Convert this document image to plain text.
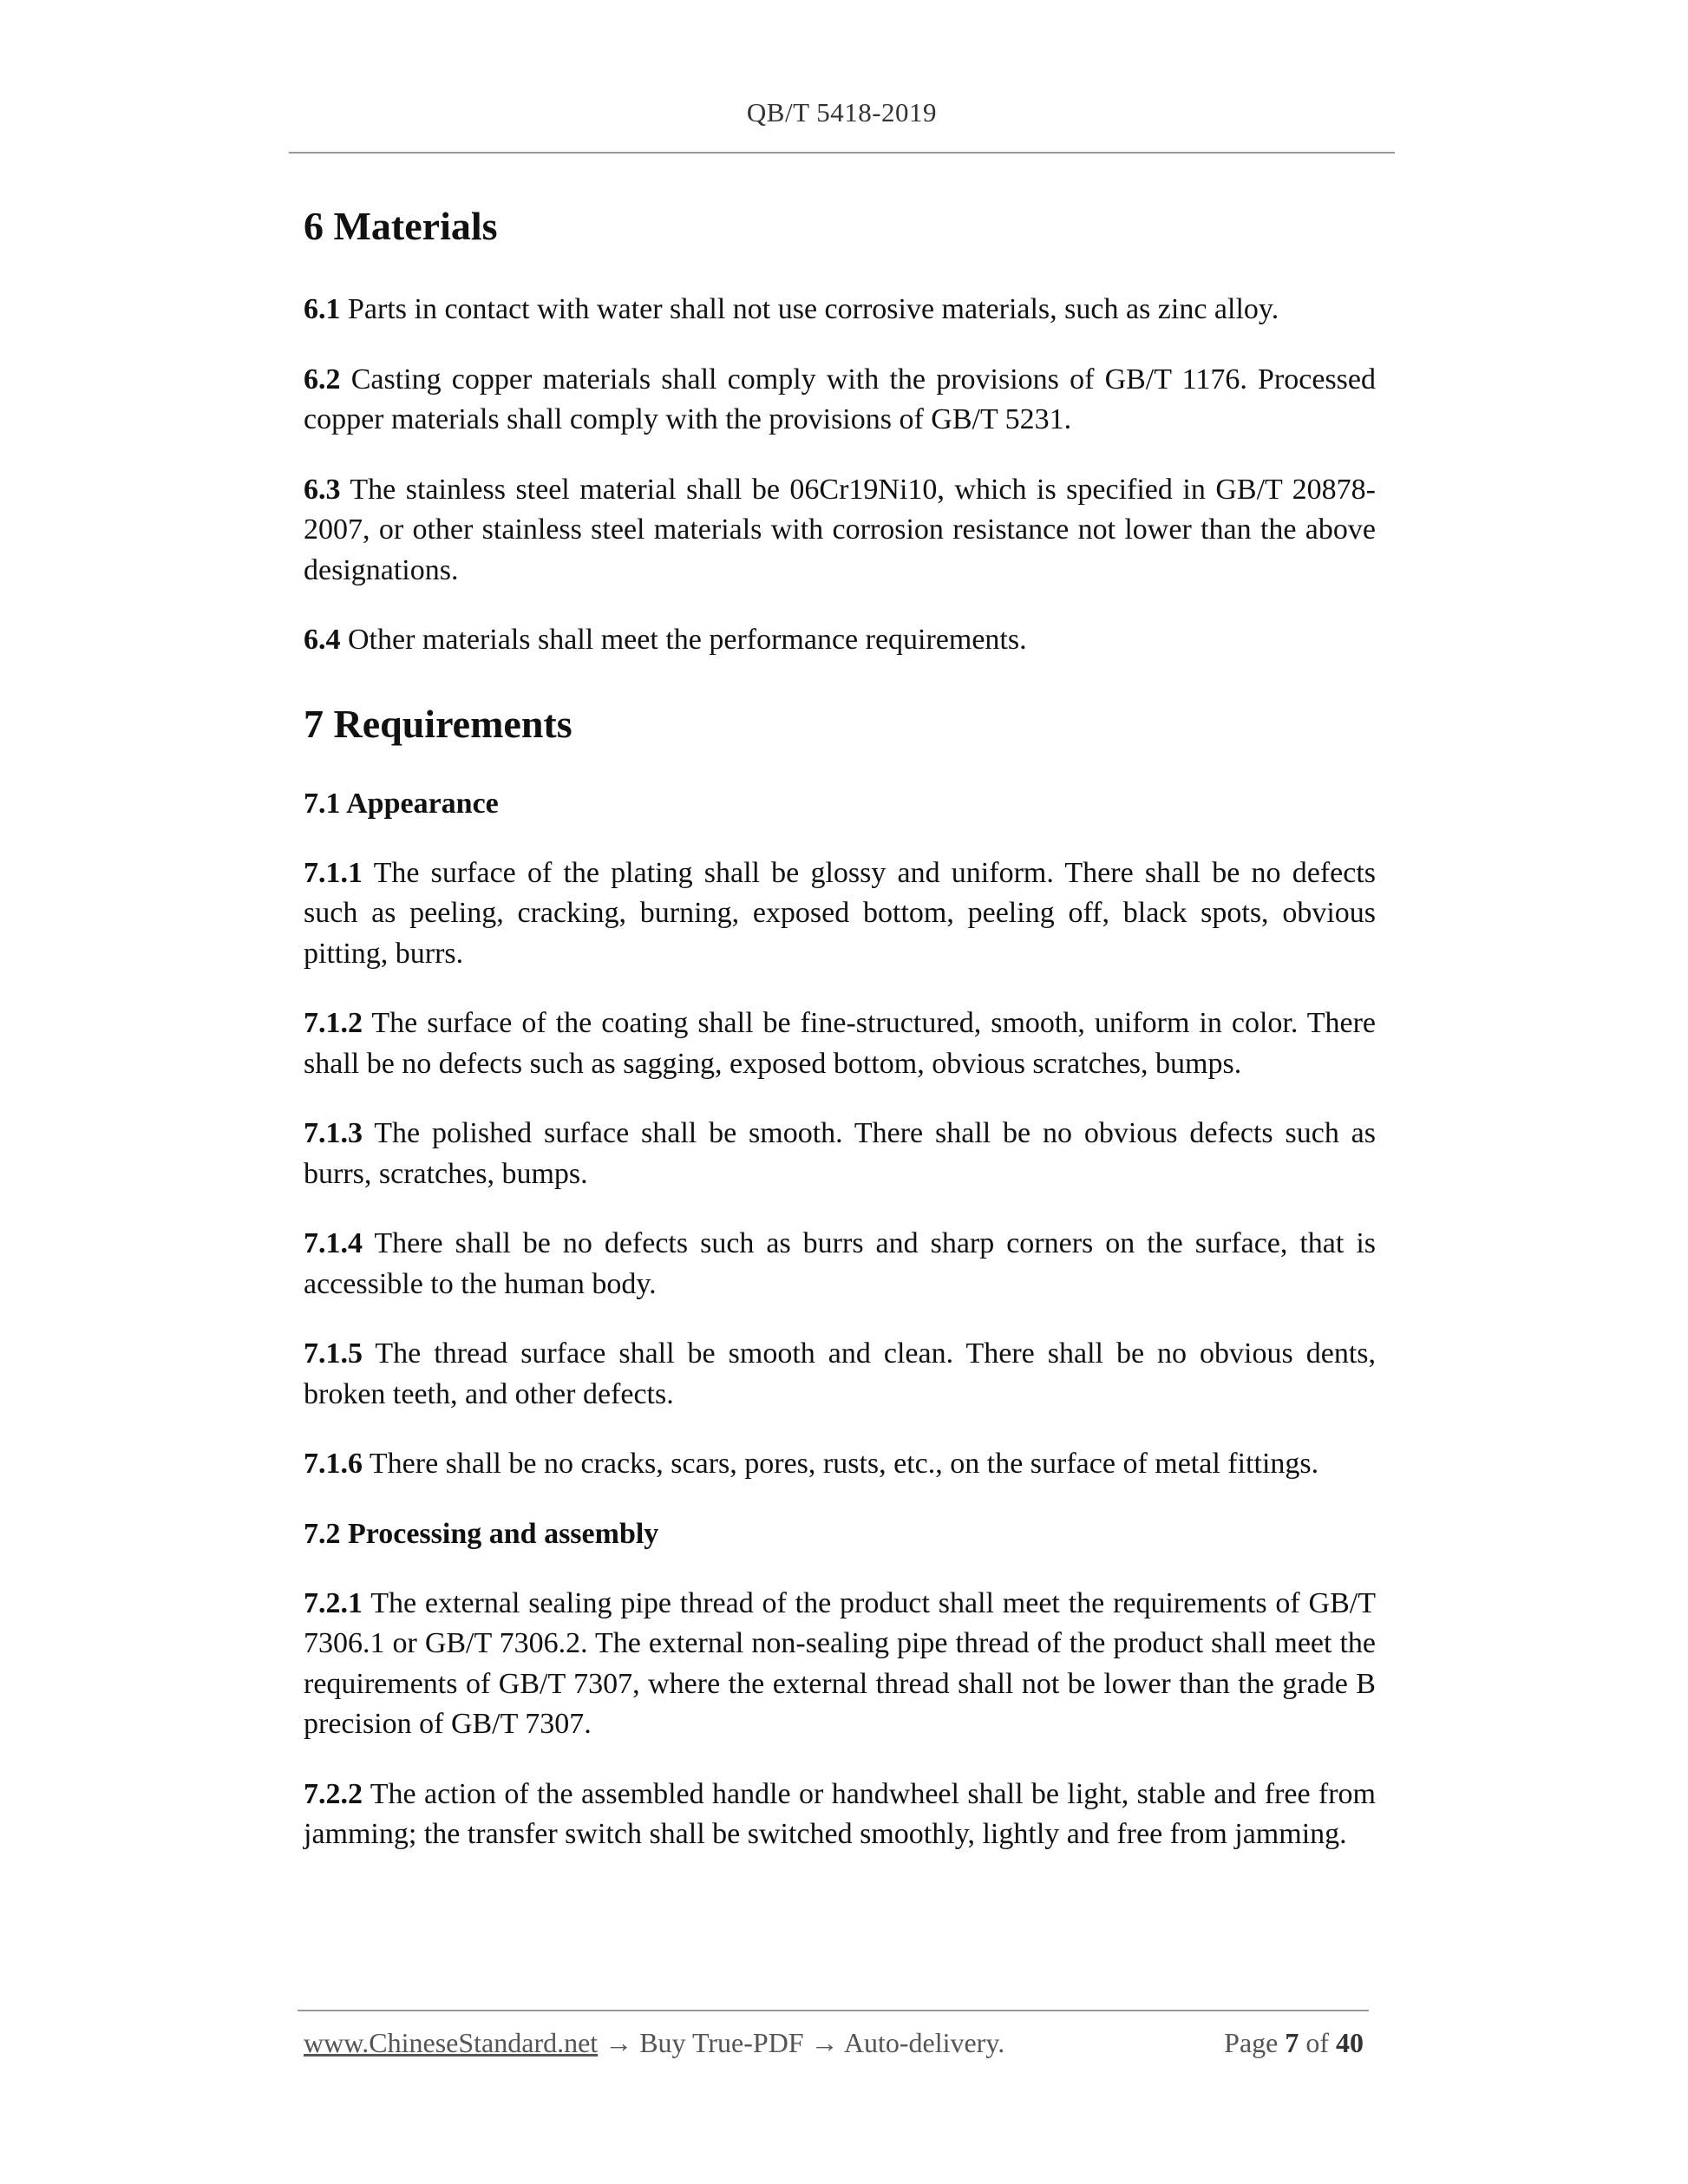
QB/T 5418-2019
6 Materials

6.1 Parts in contact with water shall not use corrosive materials, such as zinc alloy.

6.2 Casting copper materials shall comply with the provisions of GB/T 1176. Processed copper materials shall comply with the provisions of GB/T 5231.

6.3 The stainless steel material shall be 06Cr19Ni10, which is specified in GB/T 20878-2007, or other stainless steel materials with corrosion resistance not lower than the above designations.

6.4 Other materials shall meet the performance requirements.

7 Requirements
7.1 Appearance

7.1.1 The surface of the plating shall be glossy and uniform. There shall be no defects such as peeling, cracking, burning, exposed bottom, peeling off, black spots, obvious pitting, burrs.

7.1.2 The surface of the coating shall be fine-structured, smooth, uniform in color. There shall be no defects such as sagging, exposed bottom, obvious scratches, bumps.

7.1.3 The polished surface shall be smooth. There shall be no obvious defects such as burrs, scratches, bumps.

7.1.4 There shall be no defects such as burrs and sharp corners on the surface, that is accessible to the human body.

7.1.5 The thread surface shall be smooth and clean. There shall be no obvious dents, broken teeth, and other defects.

7.1.6 There shall be no cracks, scars, pores, rusts, etc., on the surface of metal fittings.

7.2 Processing and assembly

7.2.1 The external sealing pipe thread of the product shall meet the requirements of GB/T 7306.1 or GB/T 7306.2. The external non-sealing pipe thread of the product shall meet the requirements of GB/T 7307, where the external thread shall not be lower than the grade B precision of GB/T 7307.

7.2.2 The action of the assembled handle or handwheel shall be light, stable and free from jamming; the transfer switch shall be switched smoothly, lightly and free from jamming.

www.ChineseStandard.net → Buy True-PDF → Auto-delivery.	Page 7 of 40
